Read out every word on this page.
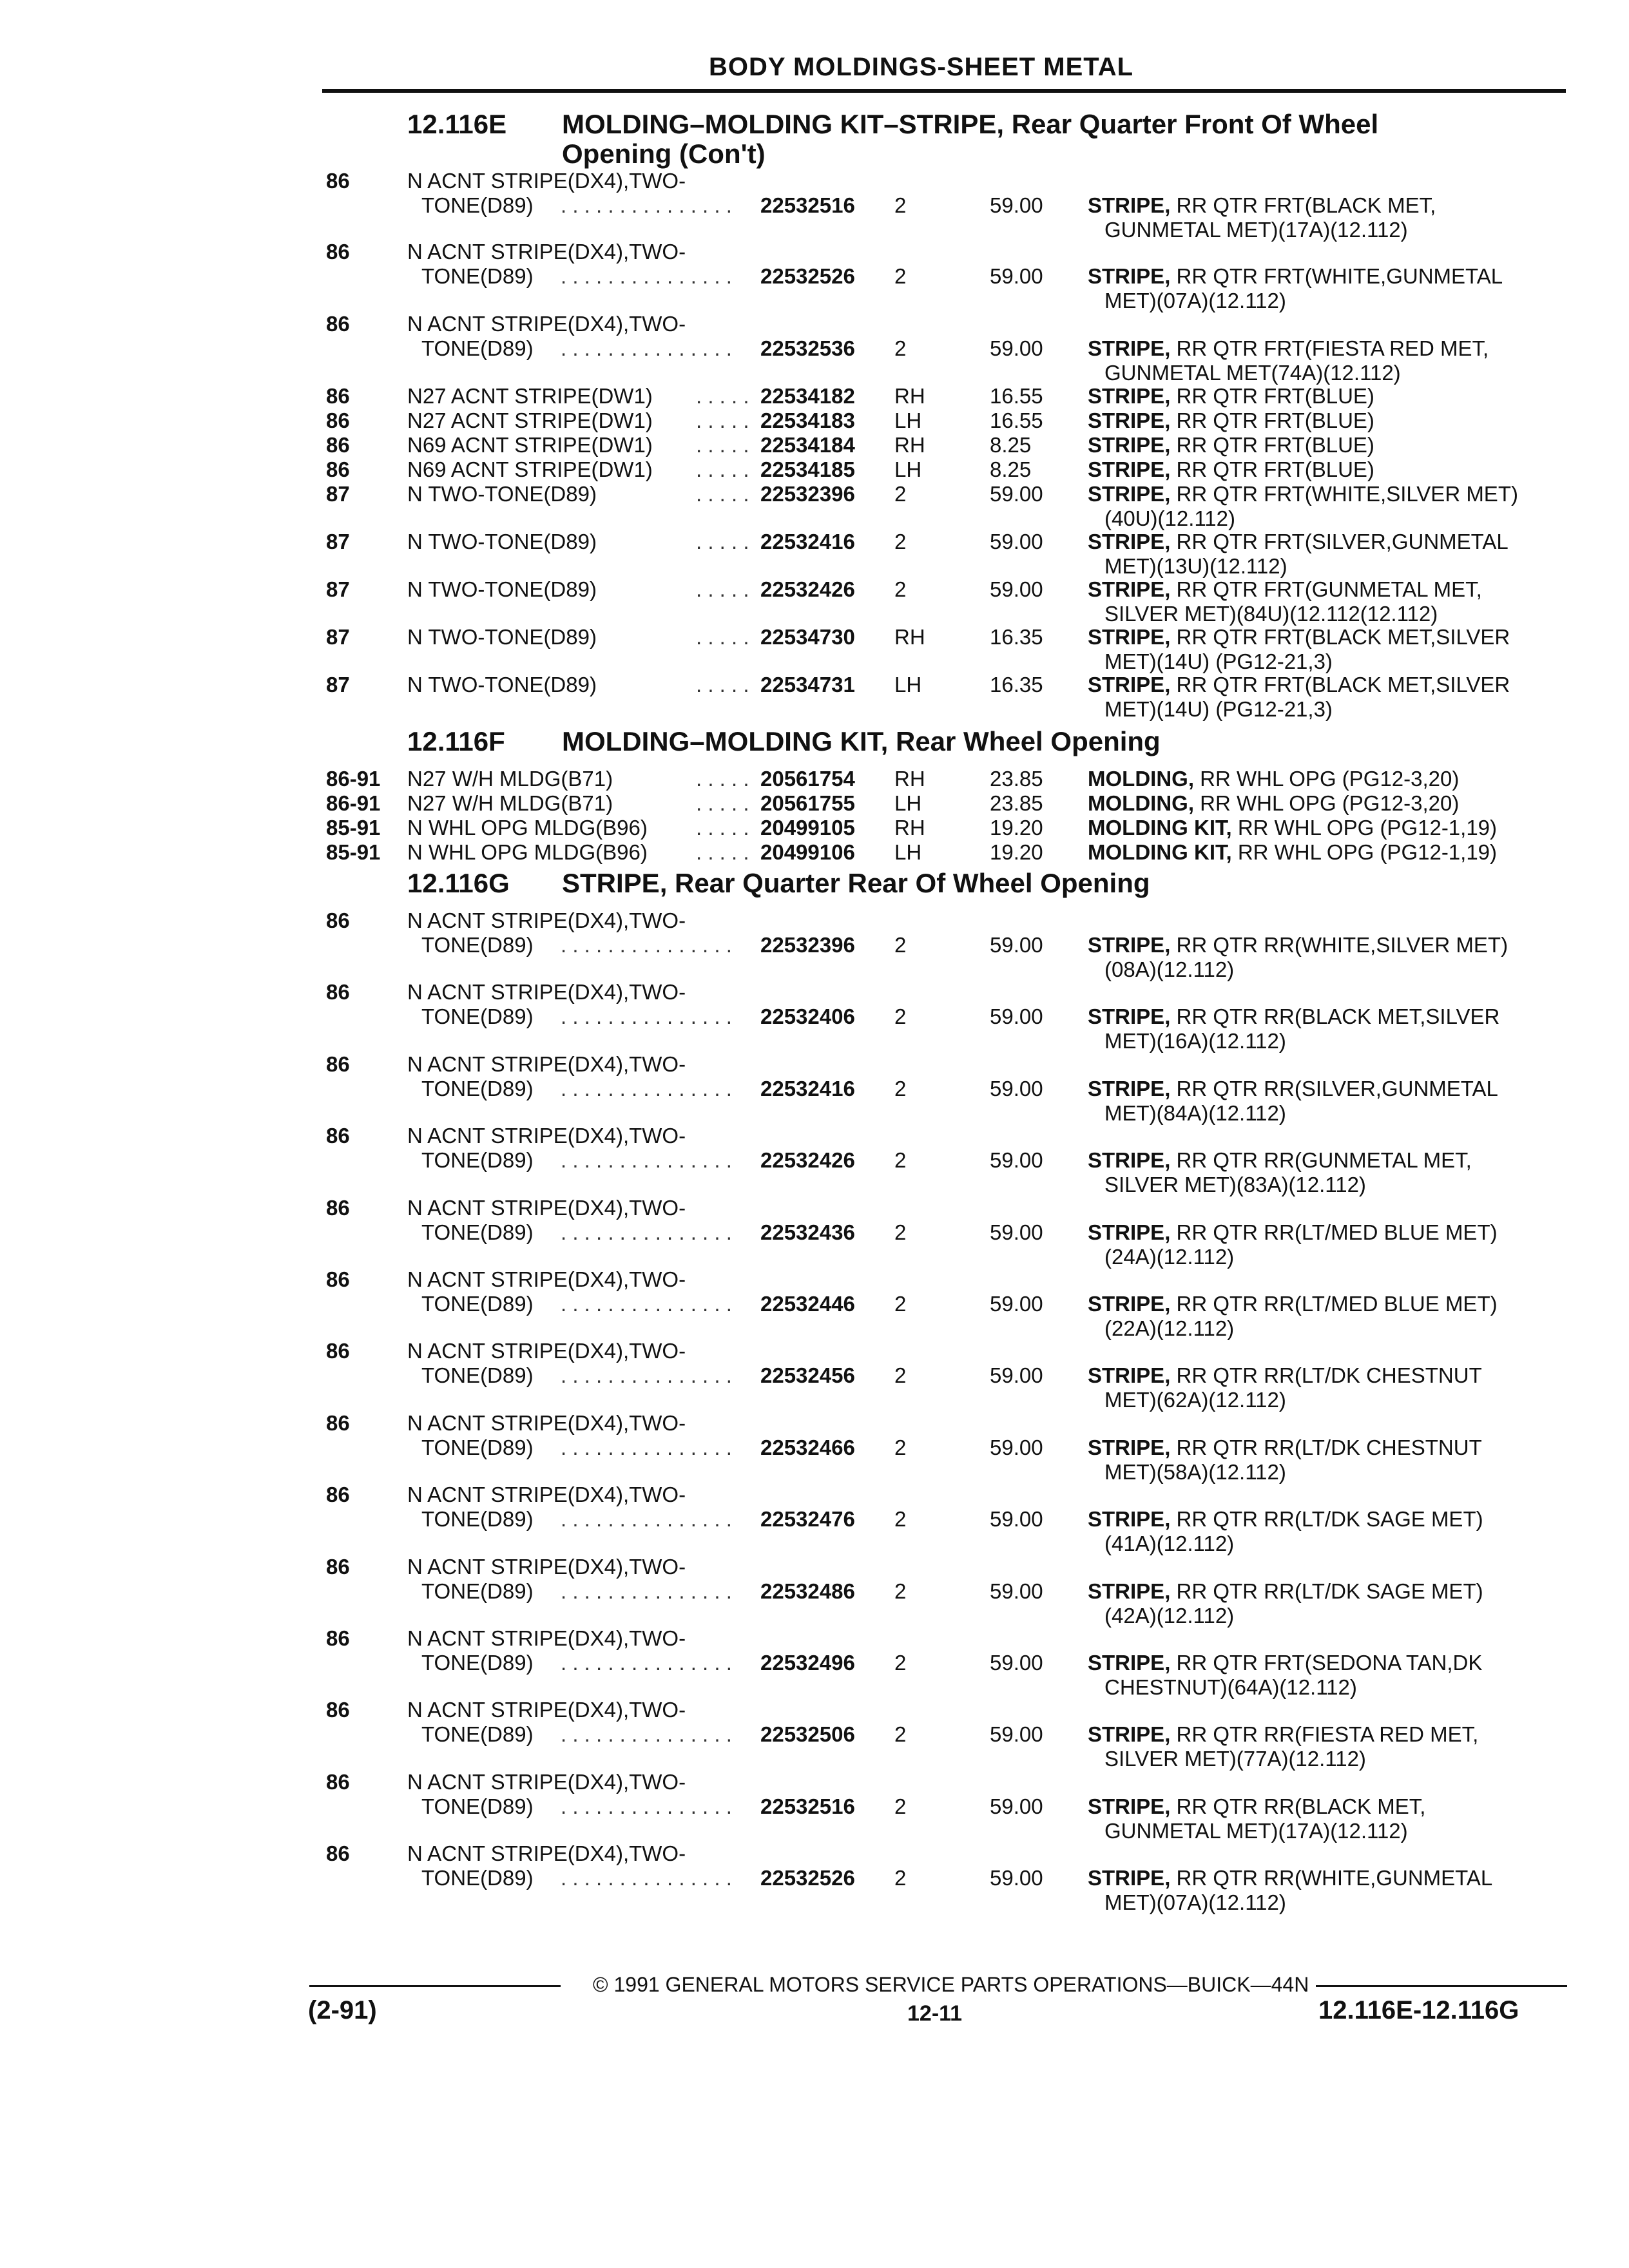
BODY MOLDINGS-SHEET METAL
12.116E MOLDING–MOLDING KIT–STRIPE, Rear Quarter Front Of Wheel
Opening (Con't)
86	N ACNT STRIPE(DX4),TWO-
TONE(D89) . . . . . . . . . . . . . . . 22532516 2	59.00 STRIPE, RR QTR FRT(BLACK MET,
GUNMETAL MET)(17A)(12.112)
86	N ACNT STRIPE(DX4),TWO-
TONE(D89) . . . . . . . . . . . . . . . 22532526 2	59.00 STRIPE, RR QTR FRT(WHITE,GUNMETAL
MET)(07A)(12.112)
86	N ACNT STRIPE(DX4),TWO-
TONE(D89) . . . . . . . . . . . . . . . 22532536 2	59.00 STRIPE, RR QTR FRT(FIESTA RED MET,
GUNMETAL MET(74A)(12.112)
86	N27 ACNT STRIPE(DW1) . . . . . 22534182 RH	16.55 STRIPE, RR QTR FRT(BLUE)
86	N27 ACNT STRIPE(DW1) . . . . . 22534183 LH	16.55 STRIPE, RR QTR FRT(BLUE)
86	N69 ACNT STRIPE(DW1) . . . . . 22534184 RH	8.25	STRIPE, RR QTR FRT(BLUE)
86	N69 ACNT STRIPE(DW1) . . . . . 22534185 LH	8.25	STRIPE, RR QTR FRT(BLUE)
87	N TWO-TONE(D89)	. . . . . 22532396 2	59.00 STRIPE, RR QTR FRT(WHITE,SILVER MET)
(40U)(12.112)
87	N TWO-TONE(D89)	. . . . . 22532416 2	59.00 STRIPE, RR QTR FRT(SILVER,GUNMETAL
MET)(13U)(12.112)
87	N TWO-TONE(D89)	. . . . . 22532426 2	59.00 STRIPE, RR QTR FRT(GUNMETAL MET,
SILVER MET)(84U)(12.112(12.112)
87	N TWO-TONE(D89)	. . . . . 22534730 RH	16.35 STRIPE, RR QTR FRT(BLACK MET,SILVER
MET)(14U) (PG12-21,3)
87	N TWO-TONE(D89)	. . . . . 22534731 LH	16.35 STRIPE, RR QTR FRT(BLACK MET,SILVER
MET)(14U) (PG12-21,3)
12.116F MOLDING–MOLDING KIT, Rear Wheel Opening
86-91 N27 W/H MLDG(B71)	. . . . . 20561754 RH	23.85 MOLDING, RR WHL OPG (PG12-3,20)
86-91 N27 W/H MLDG(B71)	. . . . . 20561755 LH	23.85 MOLDING, RR WHL OPG (PG12-3,20)
85-91 N WHL OPG MLDG(B96) . . . . . 20499105 RH	19.20 MOLDING KIT, RR WHL OPG (PG12-1,19)
85-91 N WHL OPG MLDG(B96) . . . . . 20499106 LH	19.20 MOLDING KIT, RR WHL OPG (PG12-1,19)
12.116G STRIPE, Rear Quarter Rear Of Wheel Opening
86	N ACNT STRIPE(DX4),TWO-
TONE(D89) . . . . . . . . . . . . . . . 22532396 2	59.00 STRIPE, RR QTR RR(WHITE,SILVER MET)
(08A)(12.112)
86	N ACNT STRIPE(DX4),TWO-
TONE(D89) . . . . . . . . . . . . . . . 22532406 2	59.00 STRIPE, RR QTR RR(BLACK MET,SILVER
MET)(16A)(12.112)
86	N ACNT STRIPE(DX4),TWO-
TONE(D89) . . . . . . . . . . . . . . . 22532416 2	59.00 STRIPE, RR QTR RR(SILVER,GUNMETAL
MET)(84A)(12.112)
86	N ACNT STRIPE(DX4),TWO-
TONE(D89) . . . . . . . . . . . . . . . 22532426 2	59.00 STRIPE, RR QTR RR(GUNMETAL MET,
SILVER MET)(83A)(12.112)
86	N ACNT STRIPE(DX4),TWO-
TONE(D89) . . . . . . . . . . . . . . . 22532436 2	59.00 STRIPE, RR QTR RR(LT/MED BLUE MET)
(24A)(12.112)
86	N ACNT STRIPE(DX4),TWO-
TONE(D89) . . . . . . . . . . . . . . . 22532446 2	59.00 STRIPE, RR QTR RR(LT/MED BLUE MET)
(22A)(12.112)
86	N ACNT STRIPE(DX4),TWO-
TONE(D89) . . . . . . . . . . . . . . . 22532456 2	59.00 STRIPE, RR QTR RR(LT/DK CHESTNUT
MET)(62A)(12.112)
86	N ACNT STRIPE(DX4),TWO-
TONE(D89) . . . . . . . . . . . . . . . 22532466 2	59.00 STRIPE, RR QTR RR(LT/DK CHESTNUT
MET)(58A)(12.112)
86	N ACNT STRIPE(DX4),TWO-
TONE(D89) . . . . . . . . . . . . . . . 22532476 2	59.00 STRIPE, RR QTR RR(LT/DK SAGE MET)
(41A)(12.112)
86	N ACNT STRIPE(DX4),TWO-
TONE(D89) . . . . . . . . . . . . . . . 22532486 2	59.00 STRIPE, RR QTR RR(LT/DK SAGE MET)
(42A)(12.112)
86	N ACNT STRIPE(DX4),TWO-
TONE(D89) . . . . . . . . . . . . . . . 22532496 2	59.00 STRIPE, RR QTR FRT(SEDONA TAN,DK
CHESTNUT)(64A)(12.112)
86	N ACNT STRIPE(DX4),TWO-
TONE(D89) . . . . . . . . . . . . . . . 22532506 2	59.00 STRIPE, RR QTR RR(FIESTA RED MET,
SILVER MET)(77A)(12.112)
86	N ACNT STRIPE(DX4),TWO-
TONE(D89) . . . . . . . . . . . . . . . 22532516 2	59.00 STRIPE, RR QTR RR(BLACK MET,
GUNMETAL MET)(17A)(12.112)
86	N ACNT STRIPE(DX4),TWO-
TONE(D89) . . . . . . . . . . . . . . . 22532526 2	59.00 STRIPE, RR QTR RR(WHITE,GUNMETAL
MET)(07A)(12.112)
© 1991 GENERAL MOTORS SERVICE PARTS OPERATIONS—BUICK—44N
(2-91)	12-11	12.116E-12.116G
